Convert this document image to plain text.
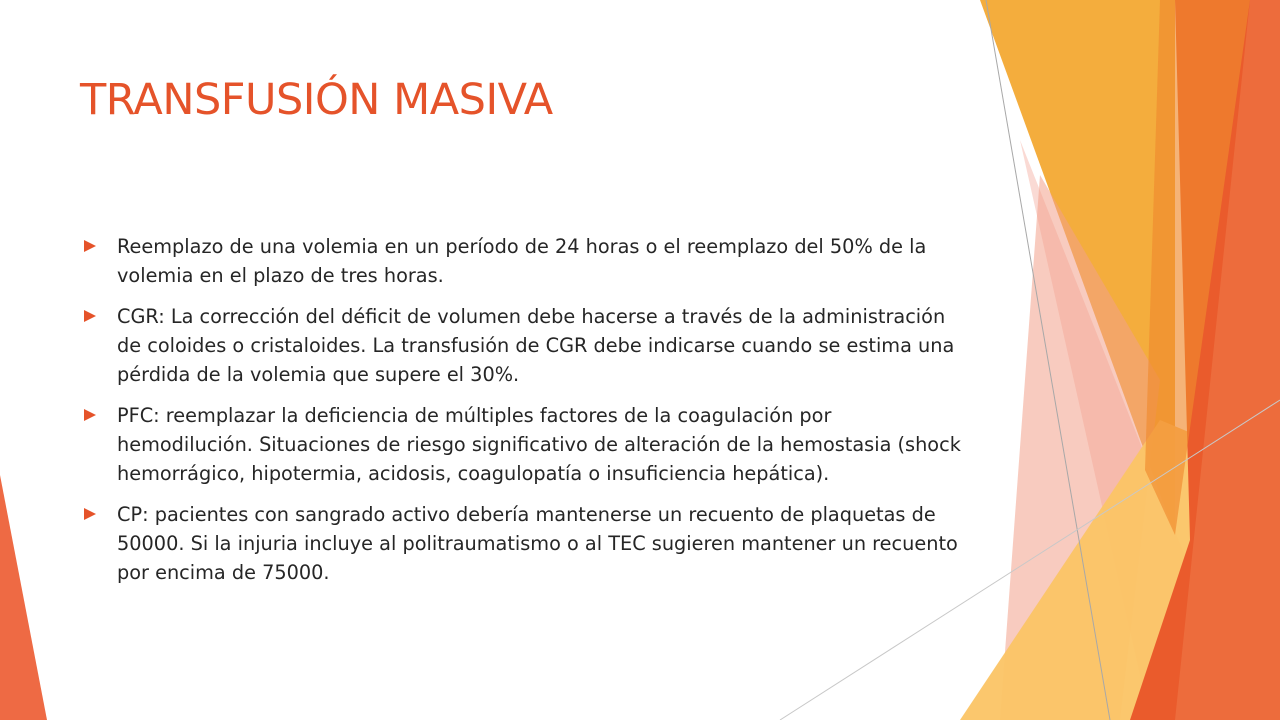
TRANSFUSIÓN MASIVA
Reemplazo de una volemia en un período de 24 horas o el reemplazo del 50% de la volemia en el plazo de tres horas.
CGR: La corrección del déficit de volumen debe hacerse a través de la administración de coloides o cristaloides. La transfusión de CGR debe indicarse cuando se estima una pérdida de la volemia que supere el 30%.
PFC: reemplazar la deficiencia de múltiples factores de la coagulación por hemodilución. Situaciones de riesgo significativo de alteración de la hemostasia (shock hemorrágico, hipotermia, acidosis, coagulopatía o insuficiencia hepática).
CP: pacientes con sangrado activo debería mantenerse un recuento de plaquetas de 50000. Si la injuria incluye al politraumatismo o al TEC sugieren mantener un recuento por encima de 75000.
